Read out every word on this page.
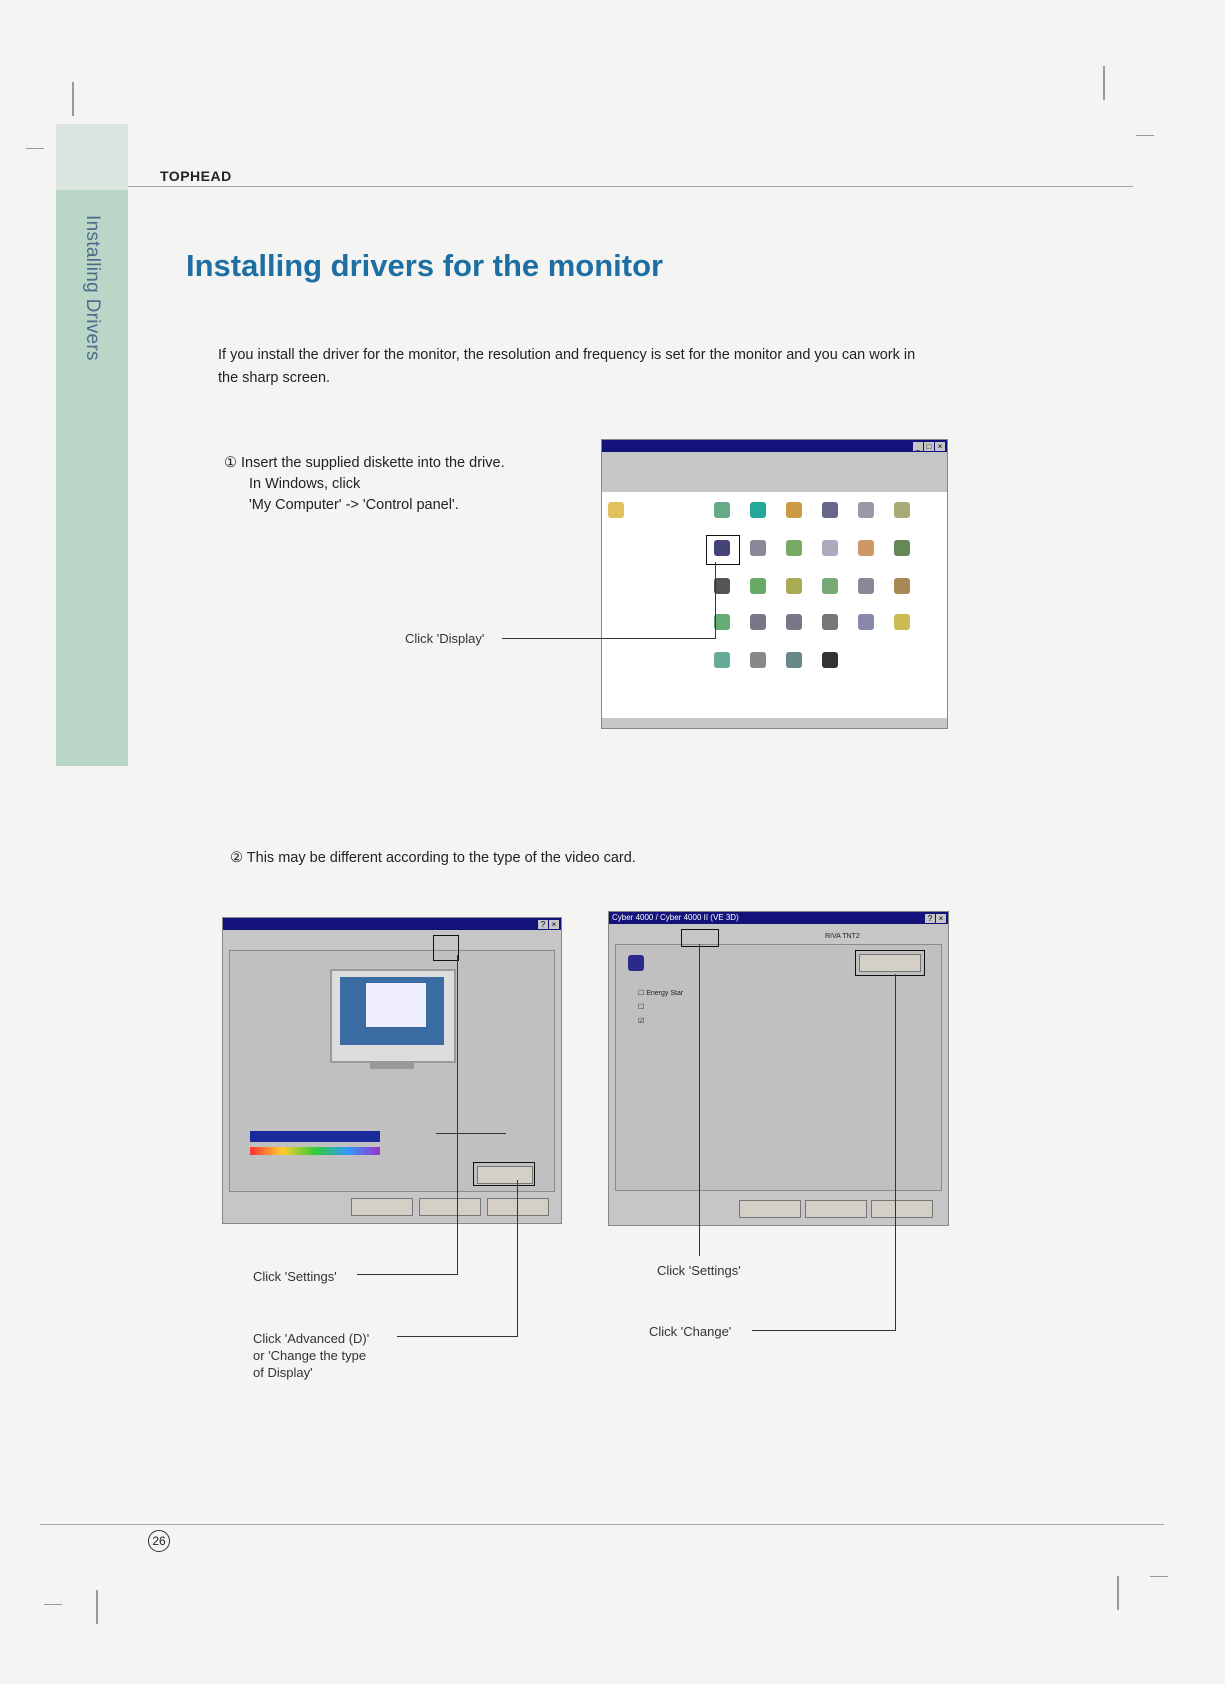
Installing Drivers
TOPHEAD
Installing drivers for the monitor

If you install the driver for the monitor, the resolution and frequency is set for the monitor and you can work in the sharp screen.

① Insert the supplied diskette into the drive.
In Windows, click
'My Computer' -> 'Control panel'.
_ □ ×
Click 'Display'
② This may be different according to the type of the video card.
? ×
Cyber 4000 / Cyber 4000 II (VE 3D)	? ×
RIVA TNT2
☐ Energy Star
☐
☑
Click 'Settings'
Click 'Advanced (D)'
or 'Change the type
of Display'
Click 'Settings'
Click 'Change'
26
